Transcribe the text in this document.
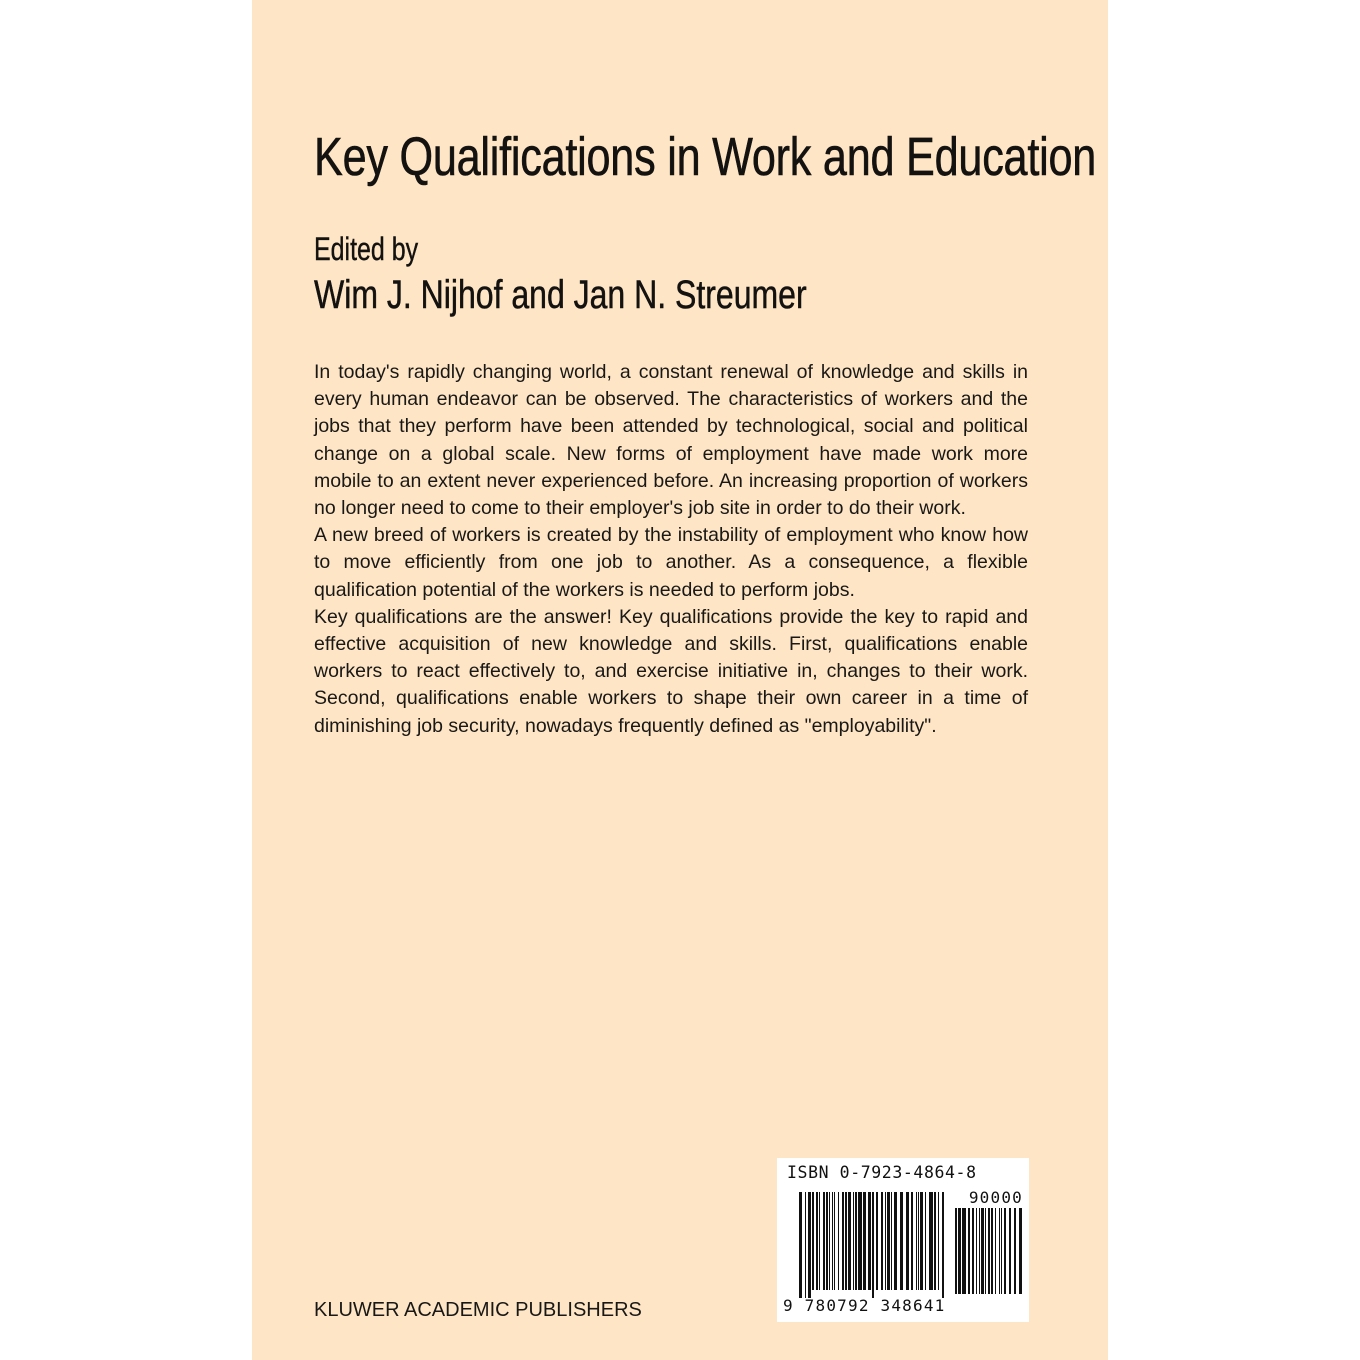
Key Qualifications in Work and Education
Edited by
Wim J. Nijhof and Jan N. Streumer

In today's rapidly changing world, a constant renewal of knowledge and skills in every human endeavor can be observed. The characteristics of workers and the jobs that they perform have been attended by technological, social and political change on a global scale. New forms of employment have made work more mobile to an extent never experienced before. An increasing proportion of workers no longer need to come to their employer's job site in order to do their work.

A new breed of workers is created by the instability of employment who know how to move efficiently from one job to another. As a consequence, a flexible qualification potential of the workers is needed to perform jobs.

Key qualifications are the answer! Key qualifications provide the key to rapid and effective acquisition of new knowledge and skills. First, qualifications enable workers to react effectively to, and exercise initiative in, changes to their work. Second, qualifications enable workers to shape their own career in a time of diminishing job security, nowadays frequently defined as "employability".

KLUWER ACADEMIC PUBLISHERS
ISBN 0-7923-4864-8
90000
9 780792 348641
